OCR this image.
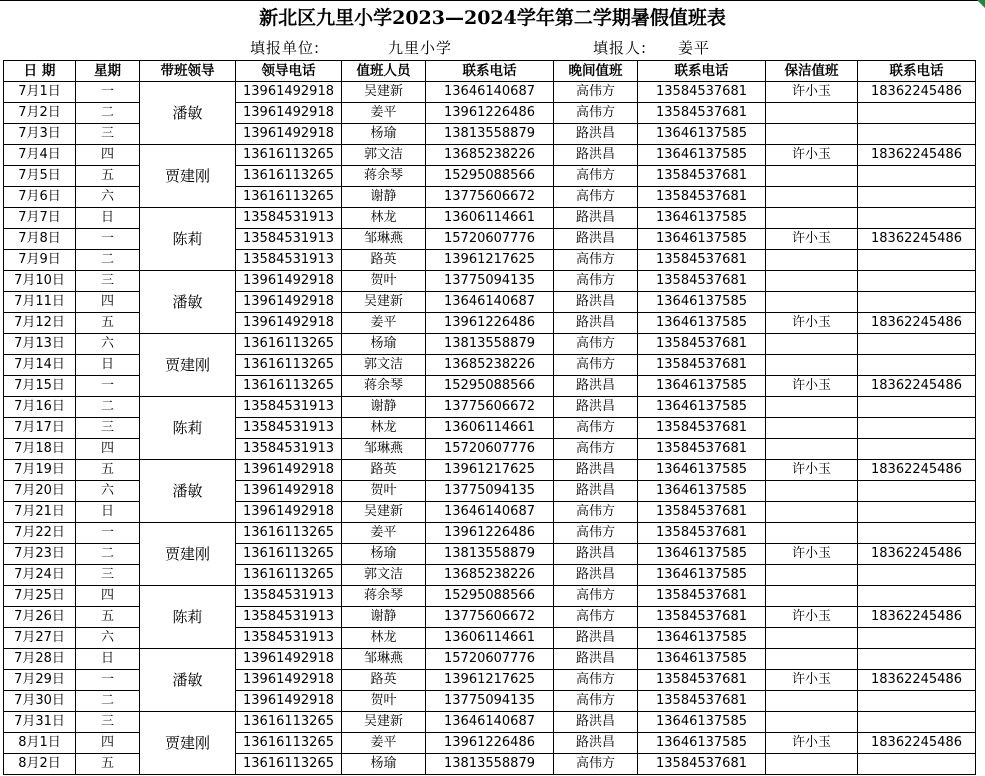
新北区九里小学2023—2024学年第二学期暑假值班表
填报单位:	九里小学	填报人: 姜平
日 期	星期	带班领导	领导电话	值班人员	联系电话	晚间值班	联系电话	保洁值班	联系电话
7月1日	一	潘敏	13961492918	吴建新	13646140687	高伟方	13584537681	许小玉	18362245486
7月2日	二		13961492918	姜平	13961226486	高伟方	13584537681		
7月3日	三		13961492918	杨瑜	13813558879	路洪昌	13646137585		
7月4日	四	贾建刚	13616113265	郭文洁	13685238226	路洪昌	13646137585	许小玉	18362245486
7月5日	五		13616113265	蒋余琴	15295088566	高伟方	13584537681		
7月6日	六		13616113265	谢静	13775606672	高伟方	13584537681		
7月7日	日	陈莉	13584531913	林龙	13606114661	路洪昌	13646137585		
7月8日	一		13584531913	邹琳燕	15720607776	路洪昌	13646137585	许小玉	18362245486
7月9日	二		13584531913	路英	13961217625	高伟方	13584537681		
7月10日	三	潘敏	13961492918	贺叶	13775094135	高伟方	13584537681		
7月11日	四		13961492918	吴建新	13646140687	路洪昌	13646137585		
7月12日	五		13961492918	姜平	13961226486	路洪昌	13646137585	许小玉	18362245486
7月13日	六	贾建刚	13616113265	杨瑜	13813558879	高伟方	13584537681		
7月14日	日		13616113265	郭文洁	13685238226	高伟方	13584537681		
7月15日	一		13616113265	蒋余琴	15295088566	路洪昌	13646137585	许小玉	18362245486
7月16日	二	陈莉	13584531913	谢静	13775606672	路洪昌	13646137585		
7月17日	三		13584531913	林龙	13606114661	高伟方	13584537681		
7月18日	四		13584531913	邹琳燕	15720607776	高伟方	13584537681		
7月19日	五	潘敏	13961492918	路英	13961217625	路洪昌	13646137585	许小玉	18362245486
7月20日	六		13961492918	贺叶	13775094135	路洪昌	13646137585		
7月21日	日		13961492918	吴建新	13646140687	高伟方	13584537681		
7月22日	一	贾建刚	13616113265	姜平	13961226486	高伟方	13584537681		
7月23日	二		13616113265	杨瑜	13813558879	路洪昌	13646137585	许小玉	18362245486
7月24日	三		13616113265	郭文洁	13685238226	路洪昌	13646137585		
7月25日	四	陈莉	13584531913	蒋余琴	15295088566	高伟方	13584537681		
7月26日	五		13584531913	谢静	13775606672	高伟方	13584537681	许小玉	18362245486
7月27日	六		13584531913	林龙	13606114661	路洪昌	13646137585		
7月28日	日	潘敏	13961492918	邹琳燕	15720607776	路洪昌	13646137585		
7月29日	一		13961492918	路英	13961217625	高伟方	13584537681	许小玉	18362245486
7月30日	二		13961492918	贺叶	13775094135	高伟方	13584537681		
7月31日	三	贾建刚	13616113265	吴建新	13646140687	路洪昌	13646137585		
8月1日	四		13616113265	姜平	13961226486	路洪昌	13646137585	许小玉	18362245486
8月2日	五		13616113265	杨瑜	13813558879	高伟方	13584537681		
